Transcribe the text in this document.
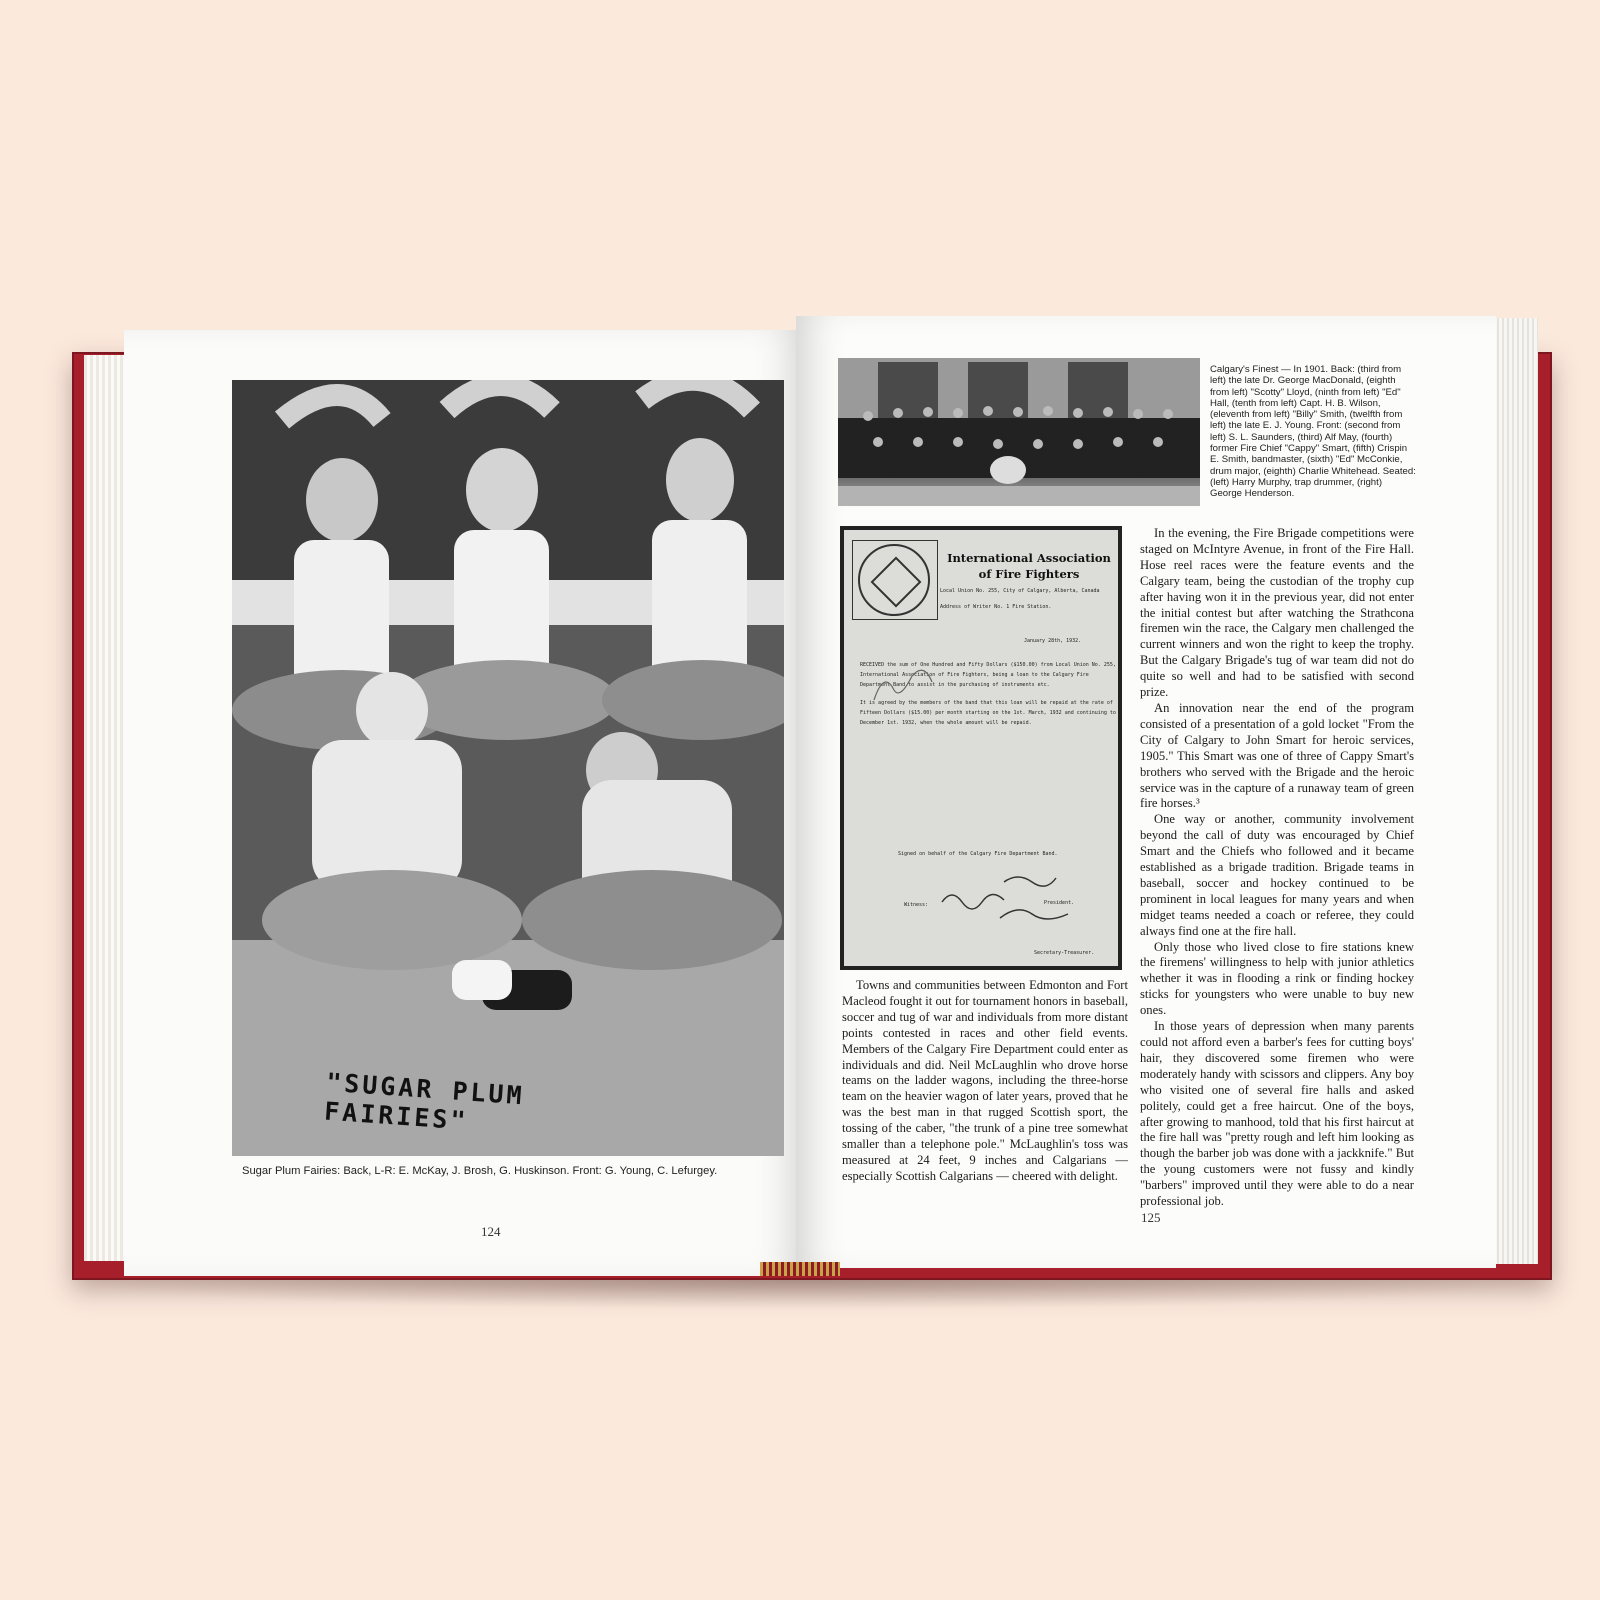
"SUGAR PLUM FAIRIES"
Sugar Plum Fairies: Back, L-R: E. McKay, J. Brosh, G. Huskinson. Front: G. Young, C. Lefurgey.
124
Calgary's Finest — In 1901. Back: (third from left) the late Dr. George MacDonald, (eighth from left) "Scotty" Lloyd, (ninth from left) "Ed" Hall, (tenth from left) Capt. H. B. Wilson, (eleventh from left) "Billy" Smith, (twelfth from left) the late E. J. Young. Front: (second from left) S. L. Saunders, (third) Alf May, (fourth) former Fire Chief "Cappy" Smart, (fifth) Crispin E. Smith, bandmaster, (sixth) "Ed" McConkie, drum major, (eighth) Charlie Whitehead. Seated: (left) Harry Murphy, trap drummer, (right) George Henderson.
International Association of Fire Fighters
Local Union No. 255, City of Calgary, Alberta, Canada
Address of Writer No. 1 Fire Station.
January 28th, 1932.

RECEIVED the sum of One Hundred and Fifty Dollars ($150.00) from Local Union No. 255, International Association of Fire Fighters, being a loan to the Calgary Fire Department Band to assist in the purchasing of instruments etc.

It is agreed by the members of the band that this loan will be repaid at the rate of Fifteen Dollars ($15.00) per month starting on the 1st. March, 1932 and continuing to December 1st. 1932, when the whole amount will be repaid.

Signed on behalf of the Calgary Fire Department Band.
Witness:	President.
Secretary-Treasurer.

Towns and communities between Edmonton and Fort Macleod fought it out for tournament honors in baseball, soccer and tug of war and individuals from more distant points contested in races and other field events. Members of the Calgary Fire Department could enter as individuals and did. Neil McLaughlin who drove horse teams on the ladder wagons, including the three-horse team on the heavier wagon of later years, proved that he was the best man in that rugged Scottish sport, the tossing of the caber, "the trunk of a pine tree somewhat smaller than a telephone pole." McLaughlin's toss was measured at 24 feet, 9 inches and Calgarians — especially Scottish Calgarians — cheered with delight.

In the evening, the Fire Brigade competitions were staged on McIntyre Avenue, in front of the Fire Hall. Hose reel races were the feature events and the Calgary team, being the custodian of the trophy cup after having won it in the previous year, did not enter the initial contest but after watching the Strathcona firemen win the race, the Calgary men challenged the current winners and won the right to keep the trophy. But the Calgary Brigade's tug of war team did not do quite so well and had to be satisfied with second prize.

An innovation near the end of the program consisted of a presentation of a gold locket "From the City of Calgary to John Smart for heroic services, 1905." This Smart was one of three of Cappy Smart's brothers who served with the Brigade and the heroic service was in the capture of a runaway team of green fire horses.³

One way or another, community involvement beyond the call of duty was encouraged by Chief Smart and the Chiefs who followed and it became established as a brigade tradition. Brigade teams in baseball, soccer and hockey continued to be prominent in local leagues for many years and when midget teams needed a coach or referee, they could always find one at the fire hall.

Only those who lived close to fire stations knew the firemens' willingness to help with junior athletics whether it was in flooding a rink or finding hockey sticks for youngsters who were unable to buy new ones.

In those years of depression when many parents could not afford even a barber's fees for cutting boys' hair, they discovered some firemen who were moderately handy with scissors and clippers. Any boy who visited one of several fire halls and asked politely, could get a free haircut. One of the boys, after growing to manhood, told that his first haircut at the fire hall was "pretty rough and left him looking as though the barber job was done with a jackknife." But the young customers were not fussy and kindly "barbers" improved until they were able to do a near professional job.

125
